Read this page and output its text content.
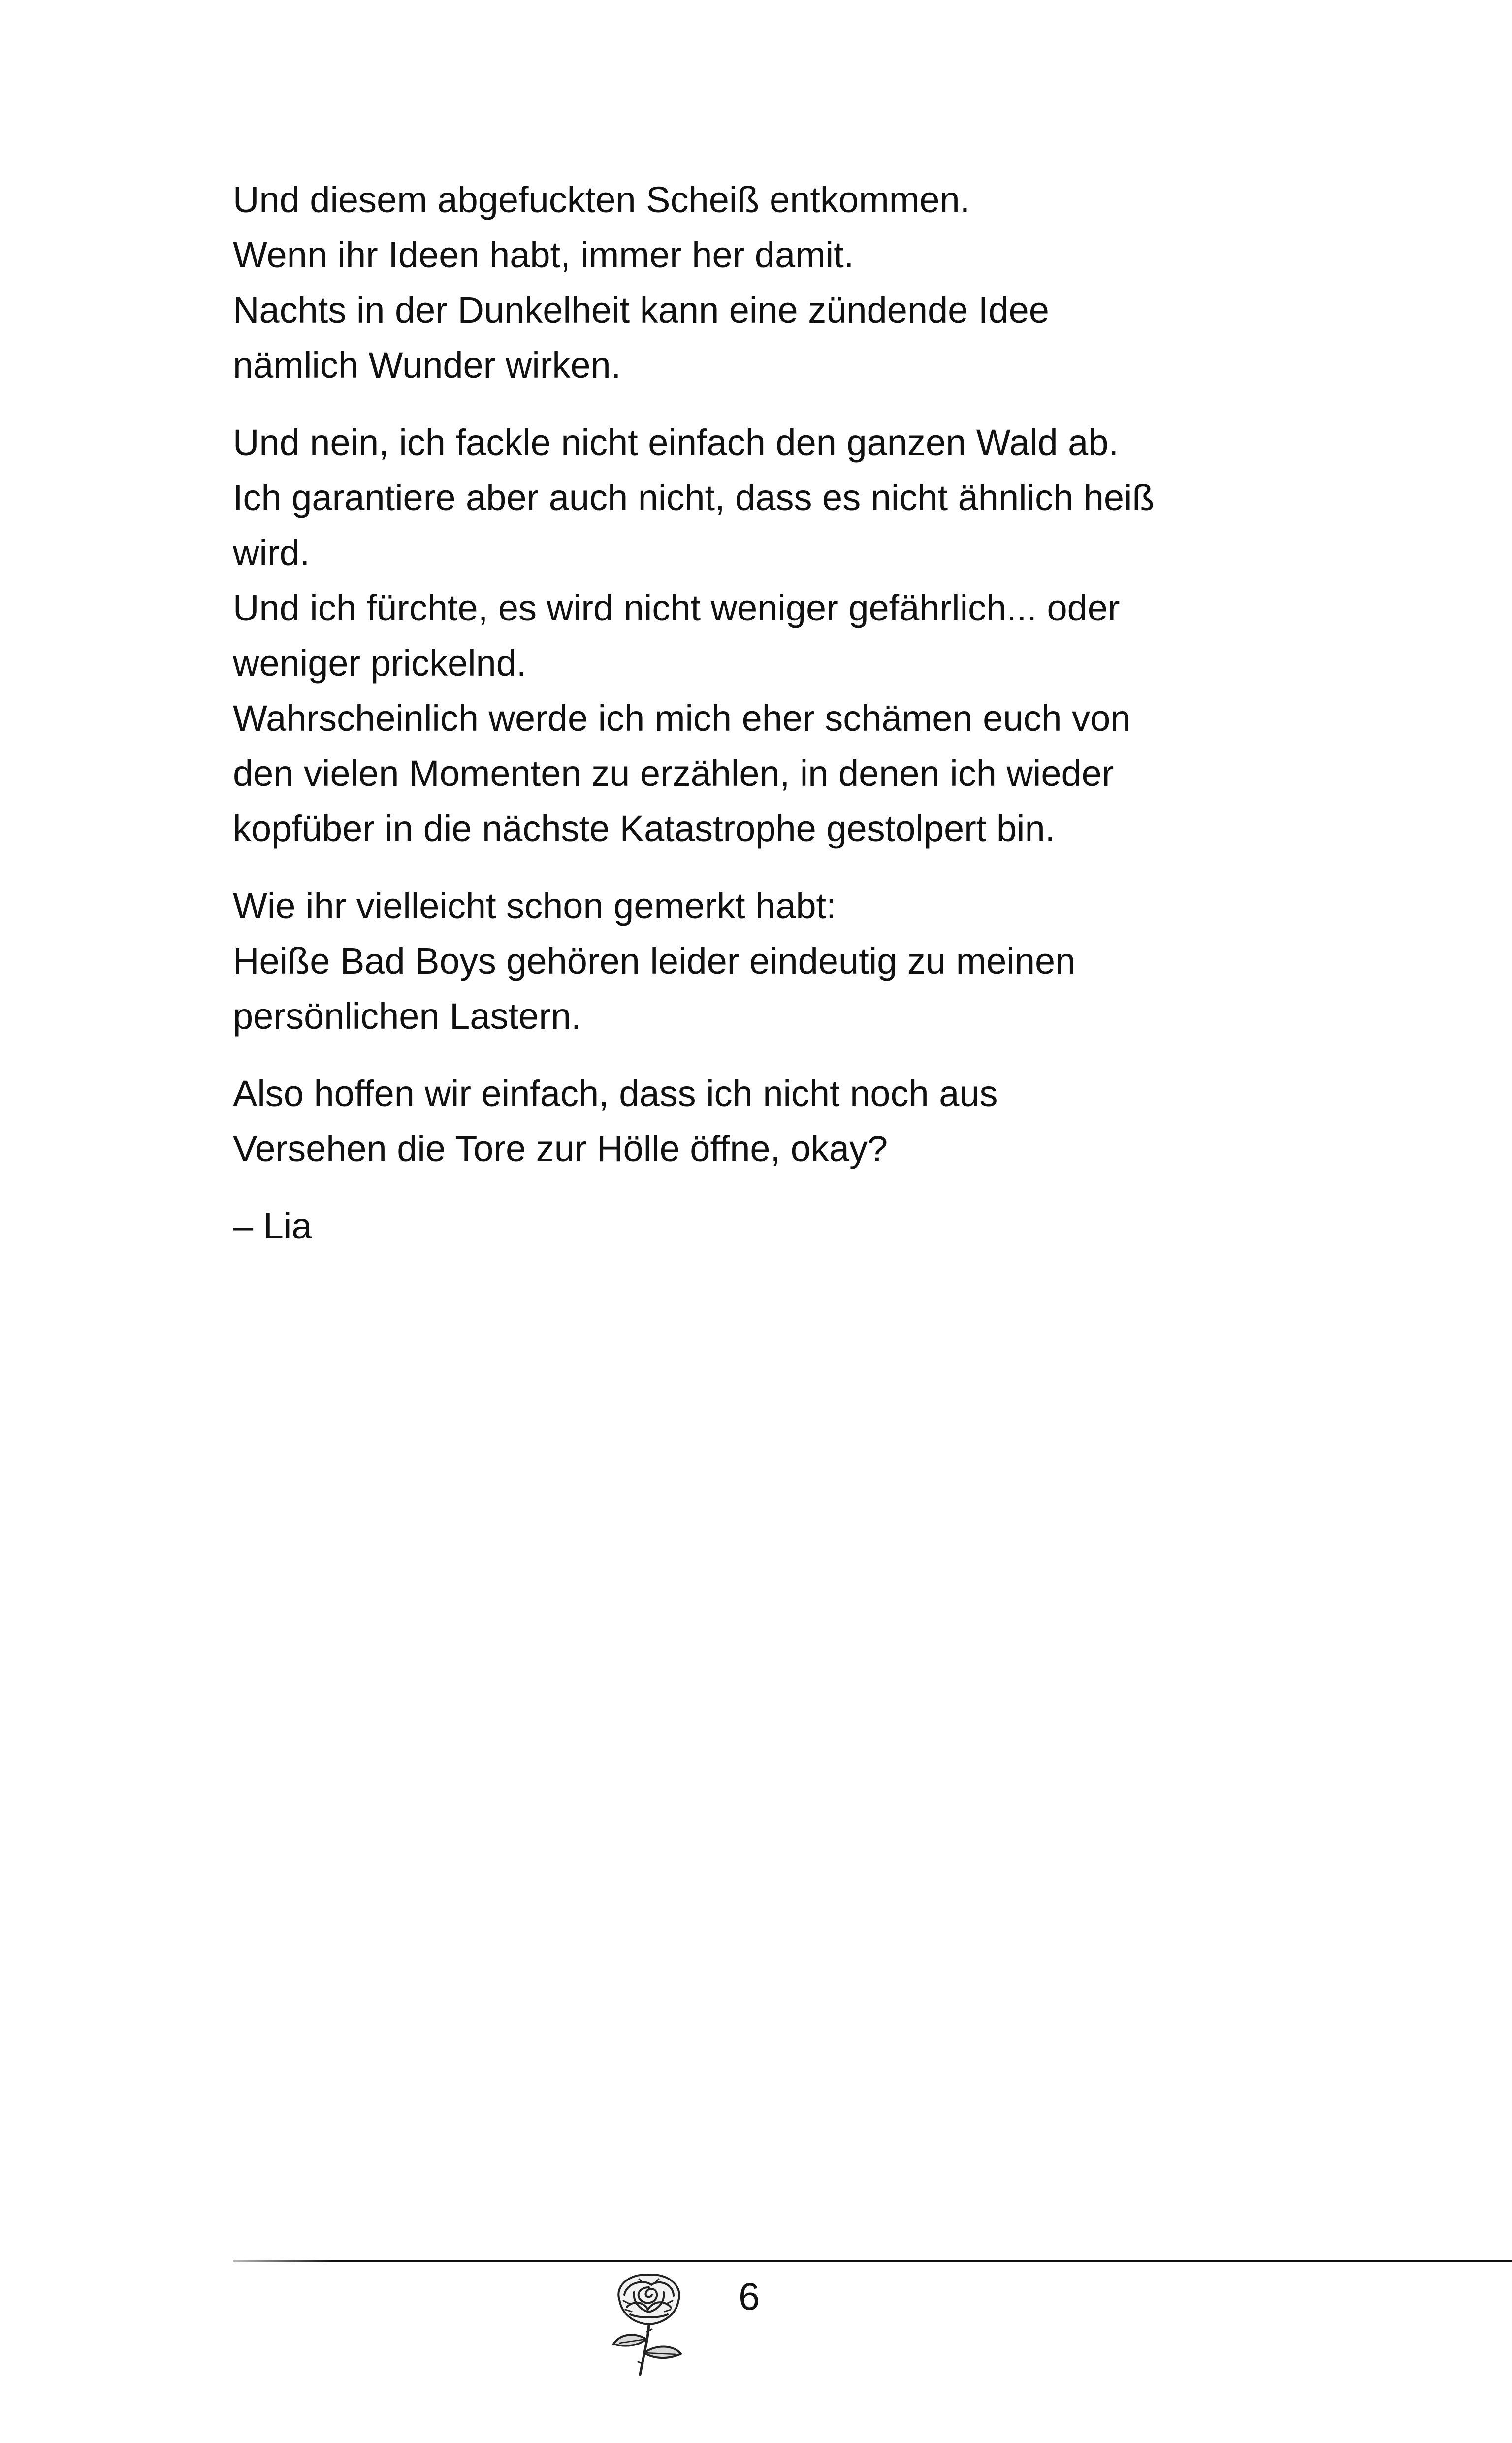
Und diesem abgefuckten Scheiß entkommen.
Wenn ihr Ideen habt, immer her damit.
Nachts in der Dunkelheit kann eine zündende Idee
nämlich Wunder wirken.

Und nein, ich fackle nicht einfach den ganzen Wald ab.
Ich garantiere aber auch nicht, dass es nicht ähnlich heiß
wird.
Und ich fürchte, es wird nicht weniger gefährlich... oder
weniger prickelnd.
Wahrscheinlich werde ich mich eher schämen euch von
den vielen Momenten zu erzählen, in denen ich wieder
kopfüber in die nächste Katastrophe gestolpert bin.

Wie ihr vielleicht schon gemerkt habt:
Heiße Bad Boys gehören leider eindeutig zu meinen
persönlichen Lastern.

Also hoffen wir einfach, dass ich nicht noch aus
Versehen die Tore zur Hölle öffne, okay?

– Lia

6
